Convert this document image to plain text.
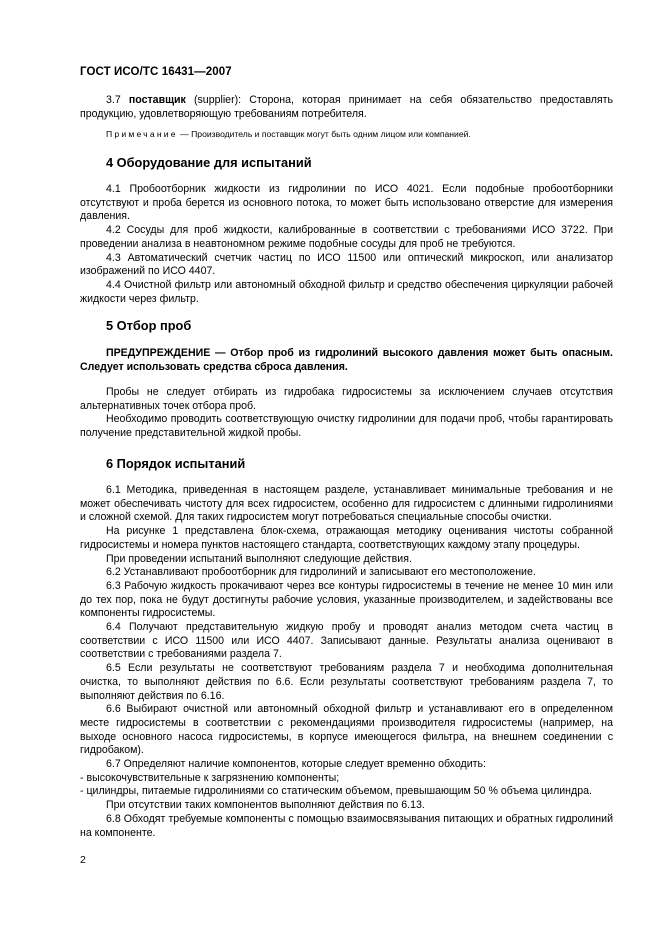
ГОСТ ИСО/ТС 16431—2007

3.7 поставщик (supplier): Сторона, которая принимает на себя обязательство предоставлять продукцию, удовлетворяющую требованиям потребителя.

Примечание — Производитель и поставщик могут быть одним лицом или компанией.
4 Оборудование для испытаний

4.1 Пробоотборник жидкости из гидролинии по ИСО 4021. Если подобные пробоотборники отсутствуют и проба берется из основного потока, то может быть использовано отверстие для измерения давления.

4.2 Сосуды для проб жидкости, калиброванные в соответствии с требованиями ИСО 3722. При проведении анализа в неавтономном режиме подобные сосуды для проб не требуются.

4.3 Автоматический счетчик частиц по ИСО 11500 или оптический микроскоп, или анализатор изображений по ИСО 4407.

4.4 Очистной фильтр или автономный обходной фильтр и средство обеспечения циркуляции рабочей жидкости через фильтр.

5 Отбор проб

ПРЕДУПРЕЖДЕНИЕ — Отбор проб из гидролиний высокого давления может быть опасным. Следует использовать средства сброса давления.

Пробы не следует отбирать из гидробака гидросистемы за исключением случаев отсутствия альтернативных точек отбора проб.

Необходимо проводить соответствующую очистку гидролинии для подачи проб, чтобы гарантировать получение представительной жидкой пробы.

6 Порядок испытаний

6.1 Методика, приведенная в настоящем разделе, устанавливает минимальные требования и не может обеспечивать чистоту для всех гидросистем, особенно для гидросистем с длинными гидролиниями и сложной схемой. Для таких гидросистем могут потребоваться специальные способы очистки.

На рисунке 1 представлена блок-схема, отражающая методику оценивания чистоты собранной гидросистемы и номера пунктов настоящего стандарта, соответствующих каждому этапу процедуры.

При проведении испытаний выполняют следующие действия.

6.2 Устанавливают пробоотборник для гидролиний и записывают его местоположение.

6.3 Рабочую жидкость прокачивают через все контуры гидросистемы в течение не менее 10 мин или до тех пор, пока не будут достигнуты рабочие условия, указанные производителем, и задействованы все компоненты гидросистемы.

6.4 Получают представительную жидкую пробу и проводят анализ методом счета частиц в соответствии с ИСО 11500 или ИСО 4407. Записывают данные. Результаты анализа оценивают в соответствии с требованиями раздела 7.

6.5 Если результаты не соответствуют требованиям раздела 7 и необходима дополнительная очистка, то выполняют действия по 6.6. Если результаты соответствуют требованиям раздела 7, то выполняют действия по 6.16.

6.6 Выбирают очистной или автономный обходной фильтр и устанавливают его в определенном месте гидросистемы в соответствии с рекомендациями производителя гидросистемы (например, на выходе основного насоса гидросистемы, в корпусе имеющегося фильтра, на внешнем соединении с гидробаком).

6.7 Определяют наличие компонентов, которые следует временно обходить:

- высокочувствительные к загрязнению компоненты;

- цилиндры, питаемые гидролиниями со статическим объемом, превышающим 50 % объема цилиндра.

При отсутствии таких компонентов выполняют действия по 6.13.

6.8 Обходят требуемые компоненты с помощью взаимосвязывания питающих и обратных гидролиний на компоненте.

2
